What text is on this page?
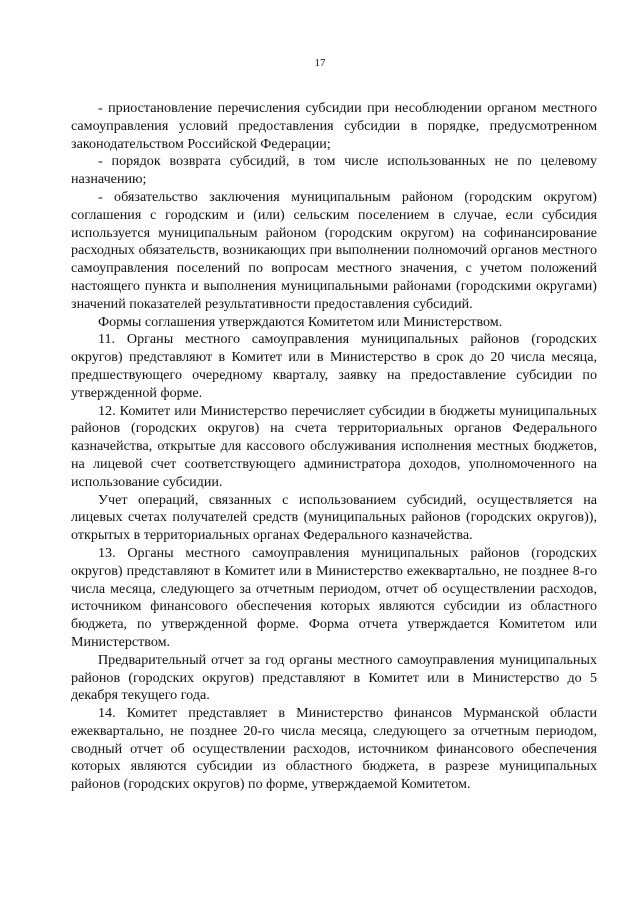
17

- приостановление перечисления субсидии при несоблюдении органом местного самоуправления условий предоставления субсидии в порядке, предусмотренном законодательством Российской Федерации;

- порядок возврата субсидий, в том числе использованных не по целевому назначению;

- обязательство заключения муниципальным районом (городским округом) соглашения с городским и (или) сельским поселением в случае, если субсидия используется муниципальным районом (городским округом) на софинансирование расходных обязательств, возникающих при выполнении полномочий органов местного самоуправления поселений по вопросам местного значения, с учетом положений настоящего пункта и выполнения муниципальными районами (городскими округами) значений показателей результативности предоставления субсидий.

Формы соглашения утверждаются Комитетом или Министерством.

11. Органы местного самоуправления муниципальных районов (городских округов) представляют в Комитет или в Министерство в срок до 20 числа месяца, предшествующего очередному кварталу, заявку на предоставление субсидии по утвержденной форме.

12. Комитет или Министерство перечисляет субсидии в бюджеты муниципальных районов (городских округов) на счета территориальных органов Федерального казначейства, открытые для кассового обслуживания исполнения местных бюджетов, на лицевой счет соответствующего администратора доходов, уполномоченного на использование субсидии.

Учет операций, связанных с использованием субсидий, осуществляется на лицевых счетах получателей средств (муниципальных районов (городских округов)), открытых в территориальных органах Федерального казначейства.

13. Органы местного самоуправления муниципальных районов (городских округов) представляют в Комитет или в Министерство ежеквартально, не позднее 8-го числа месяца, следующего за отчетным периодом, отчет об осуществлении расходов, источником финансового обеспечения которых являются субсидии из областного бюджета, по утвержденной форме. Форма отчета утверждается Комитетом или Министерством.

Предварительный отчет за год органы местного самоуправления муниципальных районов (городских округов) представляют в Комитет или в Министерство до 5 декабря текущего года.

14. Комитет представляет в Министерство финансов Мурманской области ежеквартально, не позднее 20-го числа месяца, следующего за отчетным периодом, сводный отчет об осуществлении расходов, источником финансового обеспечения которых являются субсидии из областного бюджета, в разрезе муниципальных районов (городских округов) по форме, утверждаемой Комитетом.
